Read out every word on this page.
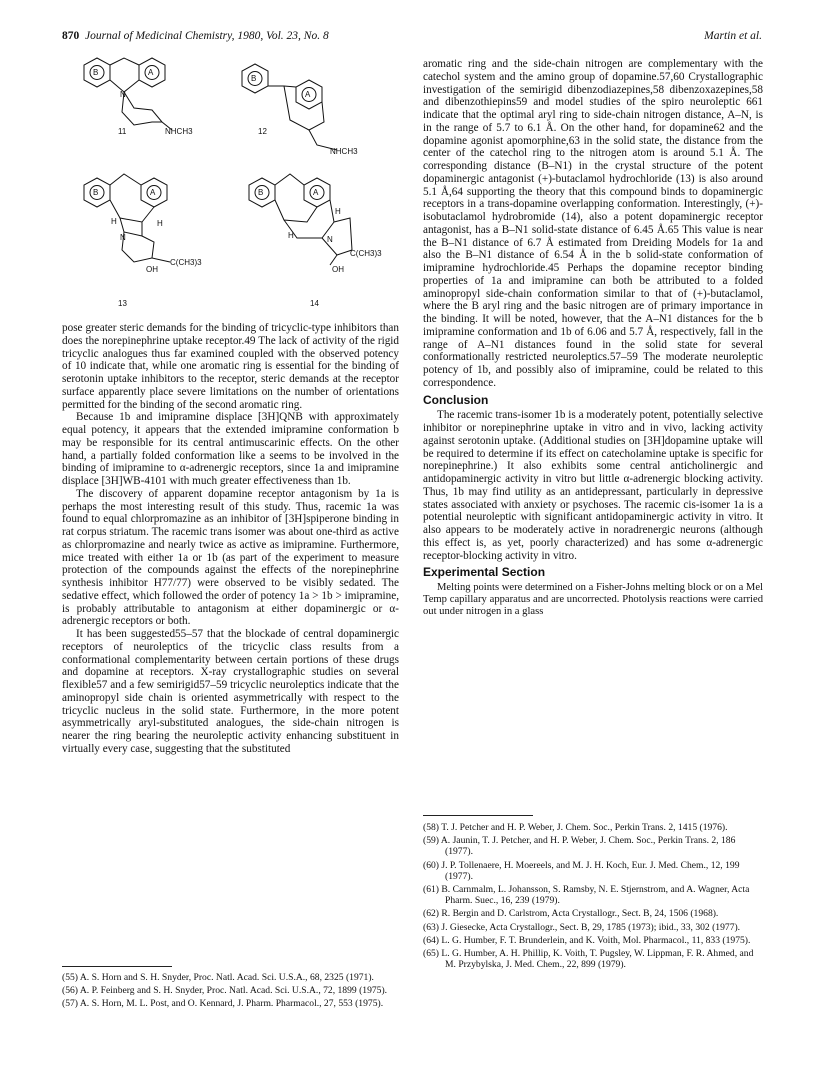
870 Journal of Medicinal Chemistry, 1980, Vol. 23, No. 8	Martin et al.
B	A
N
NHCH3
B
A
NHCH3
B	A
H	H
N
C(CH3)3
OH
B	A
H
H	N
C(CH3)3
OH
11	12
13	14

pose greater steric demands for the binding of tricyclic-type inhibitors than does the norepinephrine uptake receptor.49 The lack of activity of the rigid tricyclic analogues thus far examined coupled with the observed potency of 10 indicate that, while one aromatic ring is essential for the binding of serotonin uptake inhibitors to the receptor, steric demands at the receptor surface apparently place severe limitations on the number of orientations permitted for the binding of the second aromatic ring.

Because 1b and imipramine displace [3H]QNB with approximately equal potency, it appears that the extended imipramine conformation b may be responsible for its central antimuscarinic effects. On the other hand, a partially folded conformation like a seems to be involved in the binding of imipramine to α-adrenergic receptors, since 1a and imipramine displace [3H]WB-4101 with much greater effectiveness than 1b.

The discovery of apparent dopamine receptor antagonism by 1a is perhaps the most interesting result of this study. Thus, racemic 1a was found to equal chlorpromazine as an inhibitor of [3H]spiperone binding in rat corpus striatum. The racemic trans isomer was about one-third as active as chlorpromazine and nearly twice as active as imipramine. Furthermore, mice treated with either 1a or 1b (as part of the experiment to measure protection of the compounds against the effects of the norepinephrine synthesis inhibitor H77/77) were observed to be visibly sedated. The sedative effect, which followed the order of potency 1a > 1b > imipramine, is probably attributable to antagonism at either dopaminergic or α-adrenergic receptors or both.

It has been suggested55–57 that the blockade of central dopaminergic receptors of neuroleptics of the tricyclic class results from a conformational complementarity between certain portions of these drugs and dopamine at receptors. X-ray crystallographic studies on several flexible57 and a few semirigid57–59 tricyclic neuroleptics indicate that the aminopropyl side chain is oriented asymmetrically with respect to the tricyclic nucleus in the solid state. Furthermore, in the more potent asymmetrically aryl-substituted analogues, the side-chain nitrogen is nearer the ring bearing the neuroleptic activity enhancing substituent in virtually every case, suggesting that the substituted

(55) A. S. Horn and S. H. Snyder, Proc. Natl. Acad. Sci. U.S.A., 68, 2325 (1971).

(56) A. P. Feinberg and S. H. Snyder, Proc. Natl. Acad. Sci. U.S.A., 72, 1899 (1975).

(57) A. S. Horn, M. L. Post, and O. Kennard, J. Pharm. Pharmacol., 27, 553 (1975).

aromatic ring and the side-chain nitrogen are complementary with the catechol system and the amino group of dopamine.57,60 Crystallographic investigation of the semirigid dibenzodiazepines,58 dibenzoxazepines,58 and dibenzothiepins59 and model studies of the spiro neuroleptic 661 indicate that the optimal aryl ring to side-chain nitrogen distance, A–N, is in the range of 5.7 to 6.1 Å. On the other hand, for dopamine62 and the dopamine agonist apomorphine,63 in the solid state, the distance from the center of the catechol ring to the nitrogen atom is around 5.1 Å. The corresponding distance (B–N1) in the crystal structure of the potent dopaminergic antagonist (+)-butaclamol hydrochloride (13) is also around 5.1 Å,64 supporting the theory that this compound binds to dopaminergic receptors in a trans-dopamine overlapping conformation. Interestingly, (+)-isobutaclamol hydrobromide (14), also a potent dopaminergic receptor antagonist, has a B–N1 solid-state distance of 6.45 Å.65 This value is near the B–N1 distance of 6.7 Å estimated from Dreiding Models for 1a and also the B–N1 distance of 6.54 Å in the b solid-state conformation of imipramine hydrochloride.45 Perhaps the dopamine receptor binding properties of 1a and imipramine can both be attributed to a folded aminopropyl side-chain conformation similar to that of (+)-butaclamol, where the B aryl ring and the basic nitrogen are of primary importance in the binding. It will be noted, however, that the A–N1 distances for the b imipramine conformation and 1b of 6.06 and 5.7 Å, respectively, fall in the range of A–N1 distances found in the solid state for several conformationally restricted neuroleptics.57–59 The moderate neuroleptic potency of 1b, and possibly also of imipramine, could be related to this correspondence.

Conclusion

The racemic trans-isomer 1b is a moderately potent, potentially selective inhibitor or norepinephrine uptake in vitro and in vivo, lacking activity against serotonin uptake. (Additional studies on [3H]dopamine uptake will be required to determine if its effect on catecholamine uptake is specific for norepinephrine.) It also exhibits some central anticholinergic and antidopaminergic activity in vitro but little α-adrenergic blocking activity. Thus, 1b may find utility as an antidepressant, particularly in depressive states associated with anxiety or psychoses. The racemic cis-isomer 1a is a potential neuroleptic with significant antidopaminergic activity in vitro. It also appears to be moderately active in noradrenergic neurons (although this effect is, as yet, poorly characterized) and has some α-adrenergic receptor-blocking activity in vitro.

Experimental Section

Melting points were determined on a Fisher-Johns melting block or on a Mel Temp capillary apparatus and are uncorrected. Photolysis reactions were carried out under nitrogen in a glass

(58) T. J. Petcher and H. P. Weber, J. Chem. Soc., Perkin Trans. 2, 1415 (1976).

(59) A. Jaunin, T. J. Petcher, and H. P. Weber, J. Chem. Soc., Perkin Trans. 2, 186 (1977).

(60) J. P. Tollenaere, H. Moereels, and M. J. H. Koch, Eur. J. Med. Chem., 12, 199 (1977).

(61) B. Carnmalm, L. Johansson, S. Ramsby, N. E. Stjernstrom, and A. Wagner, Acta Pharm. Suec., 16, 239 (1979).

(62) R. Bergin and D. Carlstrom, Acta Crystallogr., Sect. B, 24, 1506 (1968).

(63) J. Giesecke, Acta Crystallogr., Sect. B, 29, 1785 (1973); ibid., 33, 302 (1977).

(64) L. G. Humber, F. T. Brunderlein, and K. Voith, Mol. Pharmacol., 11, 833 (1975).

(65) L. G. Humber, A. H. Phillip, K. Voith, T. Pugsley, W. Lippman, F. R. Ahmed, and M. Przybylska, J. Med. Chem., 22, 899 (1979).
